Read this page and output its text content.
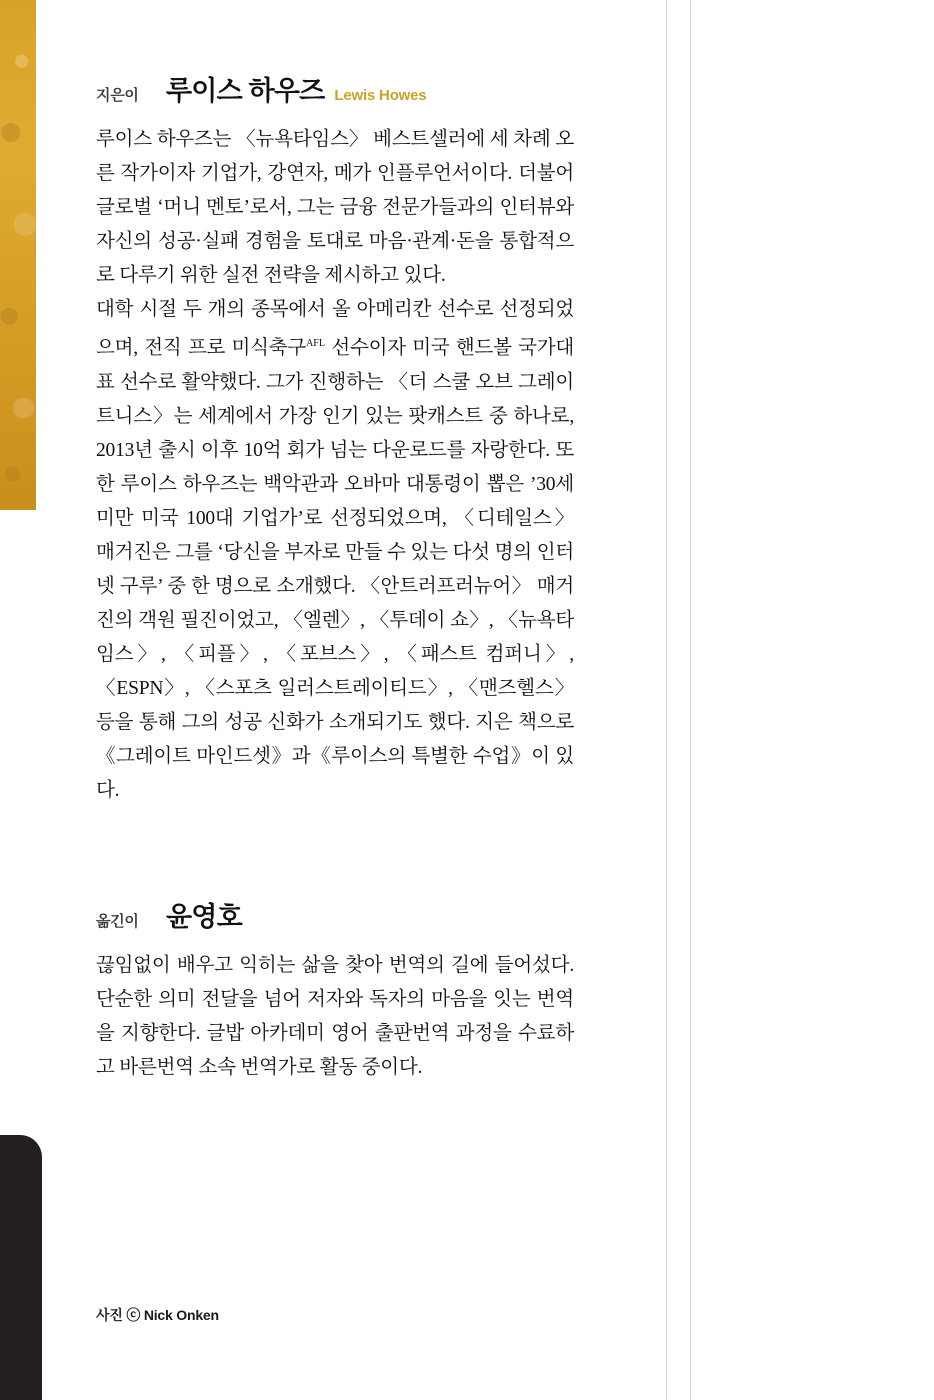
지은이	루이스 하우즈 Lewis Howes

루이스 하우즈는 〈뉴욕타임스〉 베스트셀러에 세 차례 오른 작가이자 기업가, 강연자, 메가 인플루언서이다. 더불어 글로벌 ‘머니 멘토’로서, 그는 금융 전문가들과의 인터뷰와 자신의 성공·실패 경험을 토대로 마음·관계·돈을 통합적으로 다루기 위한 실전 전략을 제시하고 있다.

대학 시절 두 개의 종목에서 올 아메리칸 선수로 선정되었으며, 전직 프로 미식축구$^{AFL}$ 선수이자 미국 핸드볼 국가대표 선수로 활약했다. 그가 진행하는 〈더 스쿨 오브 그레이트니스〉는 세계에서 가장 인기 있는 팟캐스트 중 하나로, 2013년 출시 이후 10억 회가 넘는 다운로드를 자랑한다. 또한 루이스 하우즈는 백악관과 오바마 대통령이 뽑은 ’30세 미만 미국 100대 기업가’로 선정되었으며, 〈디테일스〉 매거진은 그를 ‘당신을 부자로 만들 수 있는 다섯 명의 인터넷 구루’ 중 한 명으로 소개했다. 〈안트러프러뉴어〉 매거진의 객원 필진이었고, 〈엘렌〉, 〈투데이 쇼〉, 〈뉴욕타임스〉, 〈피플〉, 〈포브스〉, 〈패스트 컴퍼니〉, 〈ESPN〉, 〈스포츠 일러스트레이티드〉, 〈맨즈헬스〉 등을 통해 그의 성공 신화가 소개되기도 했다. 지은 책으로《그레이트 마인드셋》과《루이스의 특별한 수업》이 있다.

옮긴이	윤영호

끊임없이 배우고 익히는 삶을 찾아 번역의 길에 들어섰다. 단순한 의미 전달을 넘어 저자와 독자의 마음을 잇는 번역을 지향한다. 글밥 아카데미 영어 출판번역 과정을 수료하고 바른번역 소속 번역가로 활동 중이다.

사진 ⓒ Nick Onken
